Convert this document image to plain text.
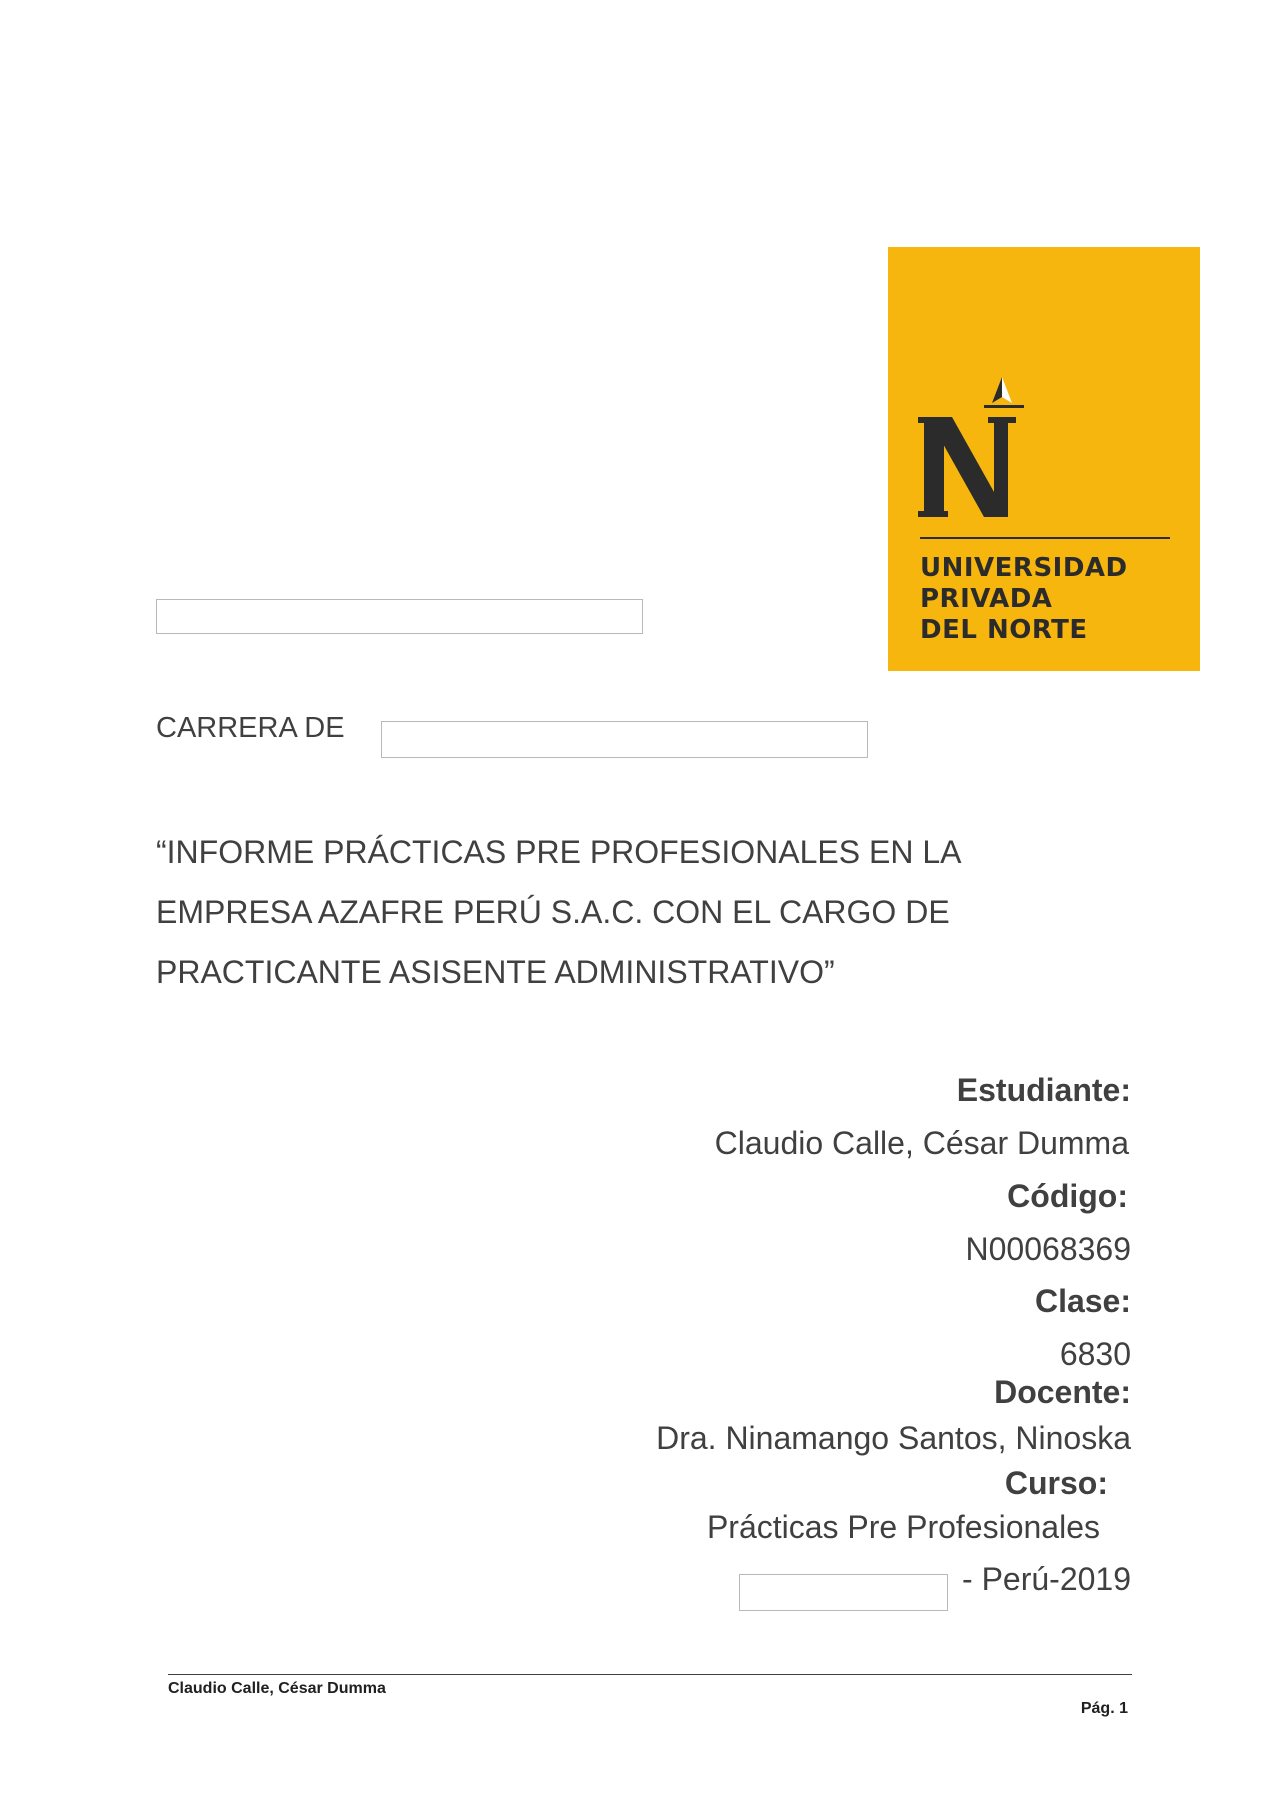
UNIVERSIDAD
PRIVADA
DEL NORTE
CARRERA DE
“INFORME PRÁCTICAS PRE PROFESIONALES EN LA
EMPRESA AZAFRE PERÚ S.A.C. CON EL CARGO DE
PRACTICANTE ASISENTE ADMINISTRATIVO”
Estudiante:
Claudio Calle, César Dumma
Código:
N00068369
Clase:
6830
Docente:
Dra. Ninamango Santos, Ninoska
Curso:
Prácticas Pre Profesionales
- Perú-2019
Claudio Calle, César Dumma
Pág. 1
